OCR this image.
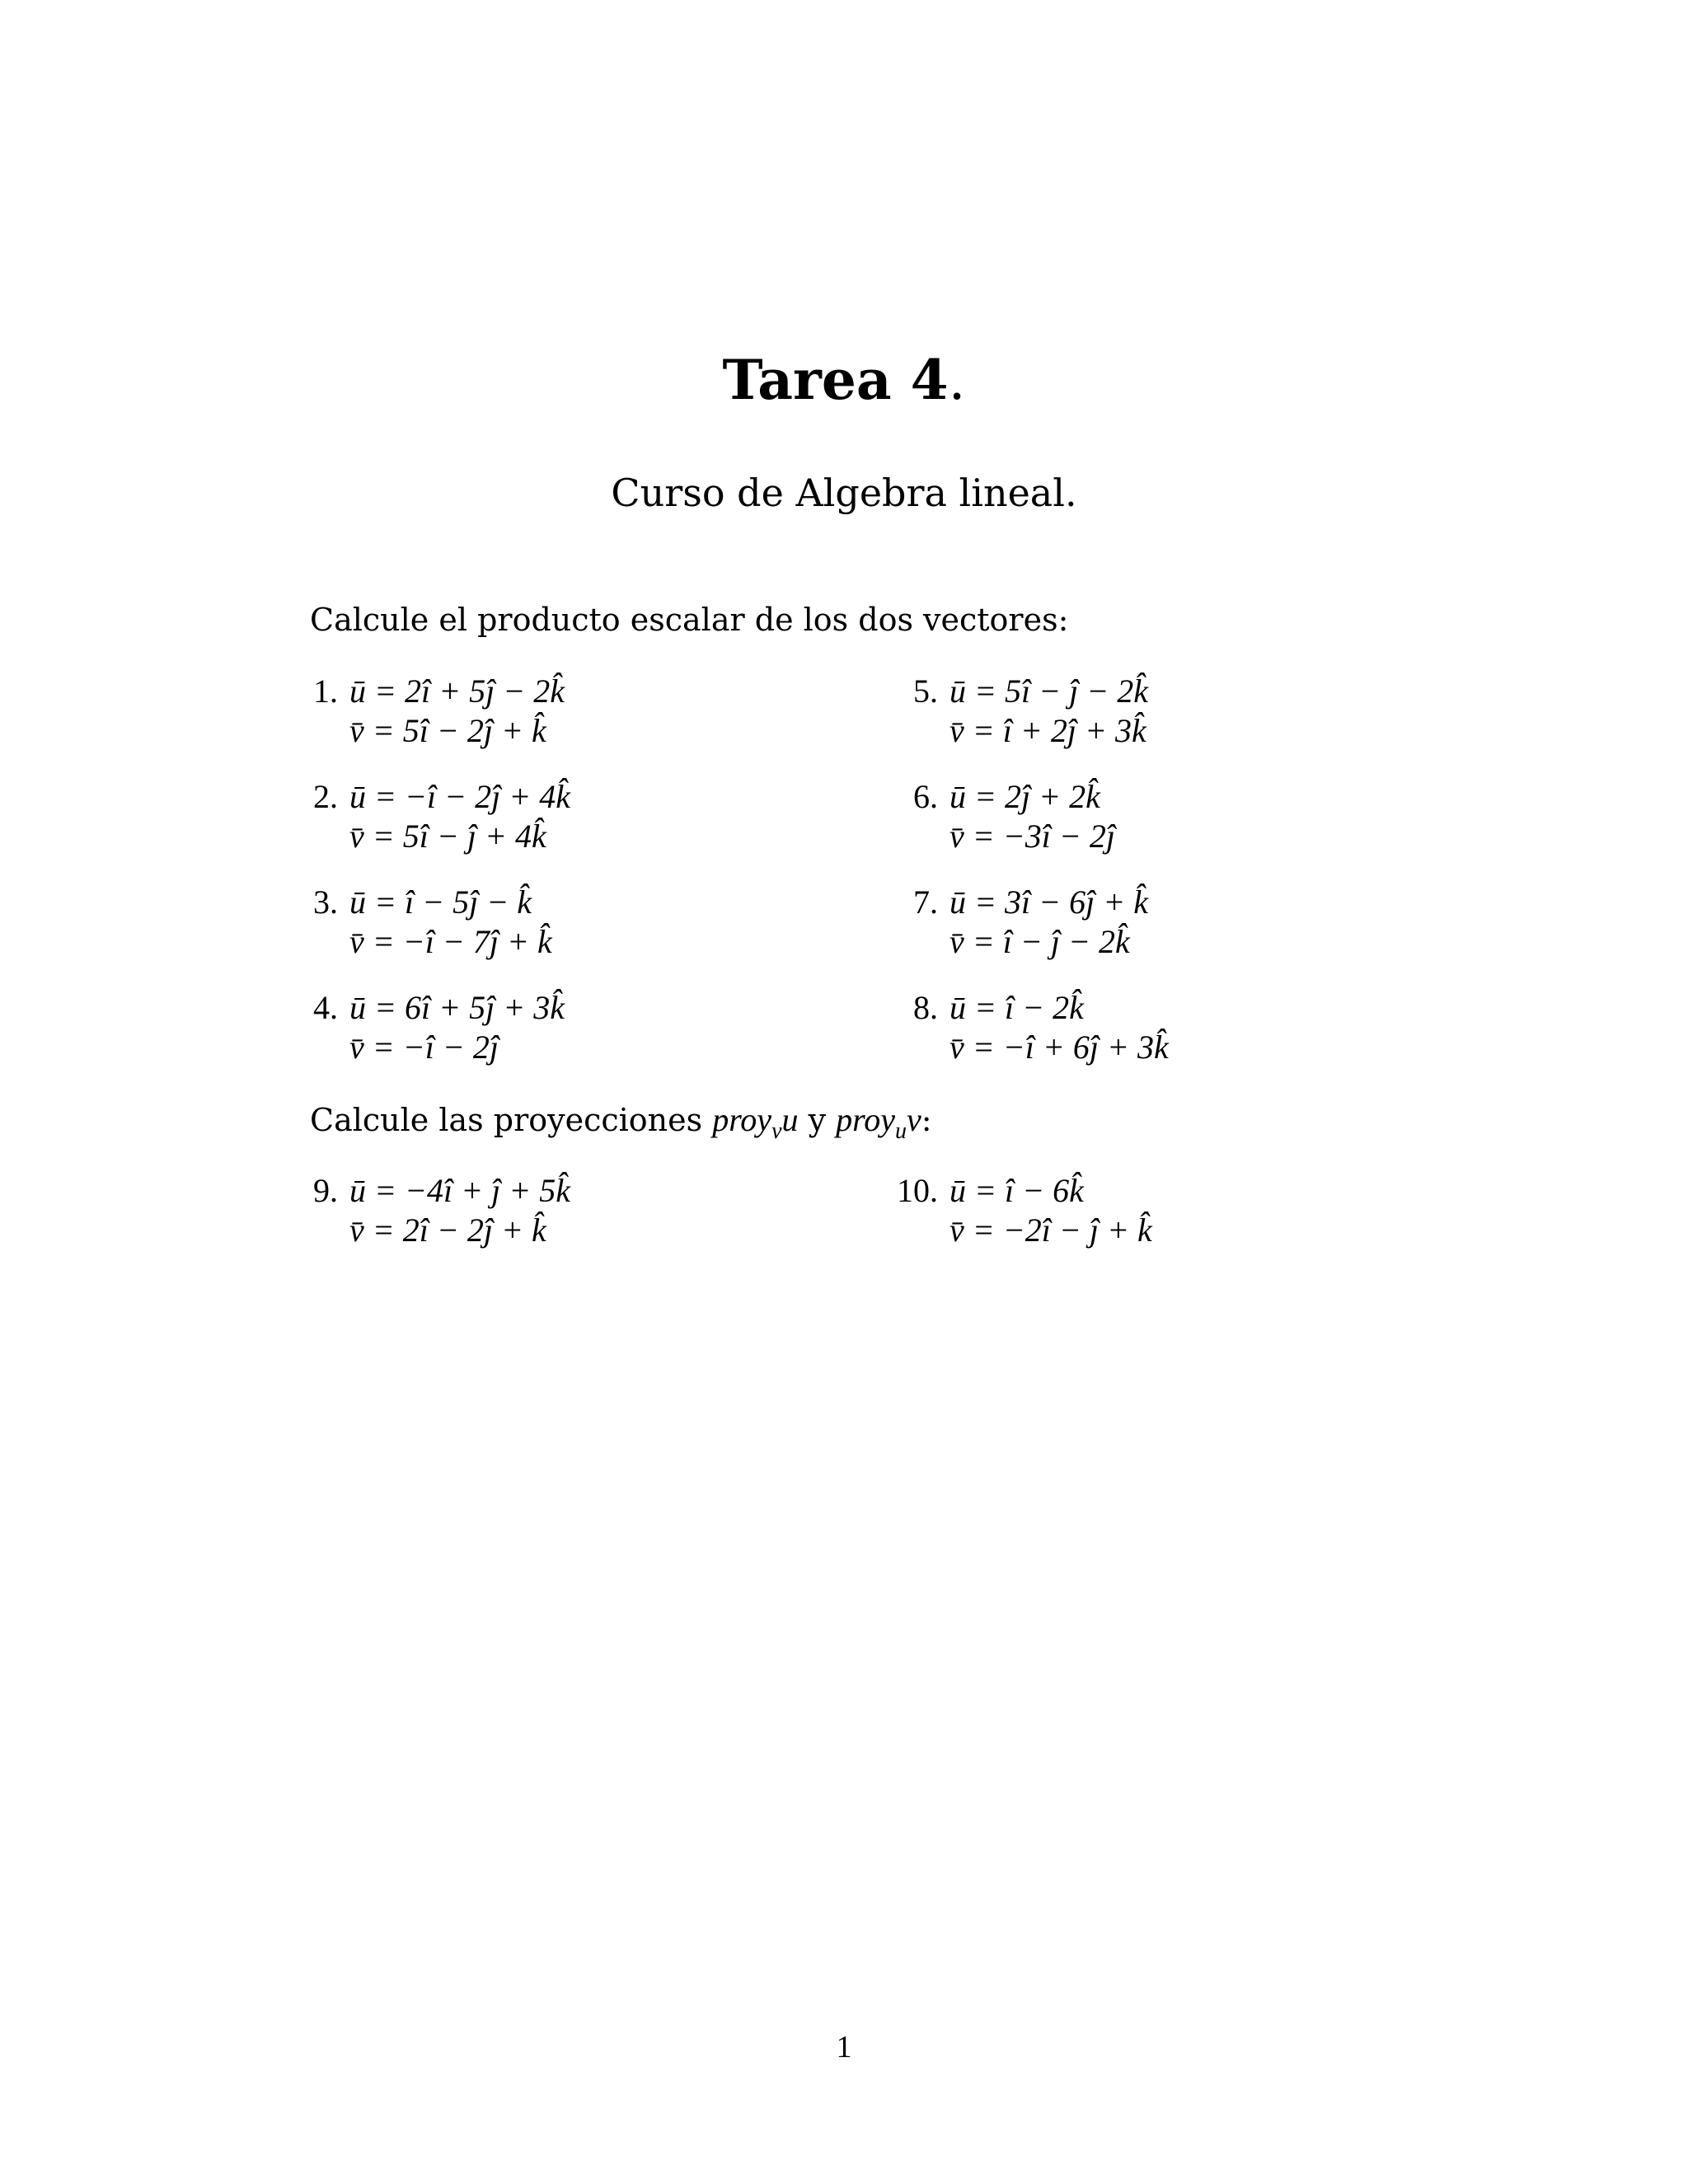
Tarea 4.
Curso de Algebra lineal.
Calcule el producto escalar de los dos vectores:
1. ū = 2î + 5ĵ − 2k̂
v̄ = 5î − 2ĵ + k̂
2. ū = −î − 2ĵ + 4k̂
v̄ = 5î − ĵ + 4k̂
3. ū = î − 5ĵ − k̂
v̄ = −î − 7ĵ + k̂
4. ū = 6î + 5ĵ + 3k̂
v̄ = −î − 2ĵ
5. ū = 5î − ĵ − 2k̂
v̄ = î + 2ĵ + 3k̂
6. ū = 2ĵ + 2k̂
v̄ = −3î − 2ĵ
7. ū = 3î − 6ĵ + k̂
v̄ = î − ĵ − 2k̂
8. ū = î − 2k̂
v̄ = −î + 6ĵ + 3k̂
Calcule las proyecciones proy$_v$u y proy$_u$v:
9. ū = −4î + ĵ + 5k̂
v̄ = 2î − 2ĵ + k̂
10. ū = î − 6k̂
v̄ = −2î − ĵ + k̂
1
